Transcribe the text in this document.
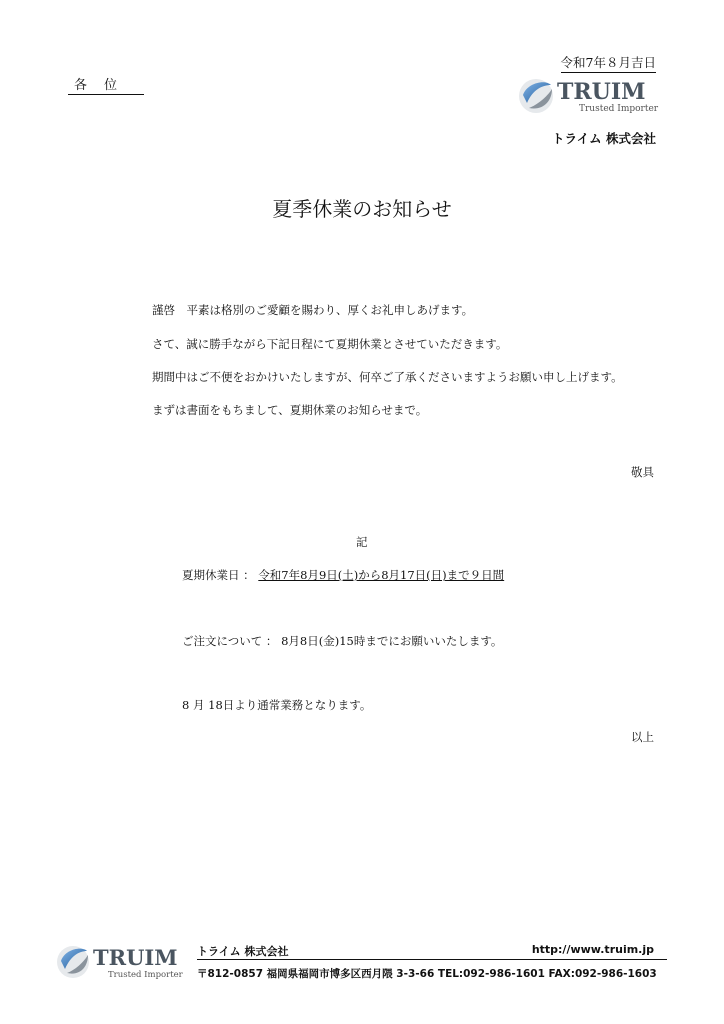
各　位
令和7年８月吉日
TRUIM
Trusted Importer
トライム 株式会社
夏季休業のお知らせ
謹啓　平素は格別のご愛顧を賜わり、厚くお礼申しあげます。
さて、誠に勝手ながら下記日程にて夏期休業とさせていただきます。
期間中はご不便をおかけいたしますが、何卒ご了承くださいますようお願い申し上げます。
まずは書面をもちまして、夏期休業のお知らせまで。
敬具
記
夏期休業日 ： 令和7年8月9日(土)から8月17日(日)まで９日間
ご注文について ： 8月8日(金)15時までにお願いいたします。
8 月 18日より通常業務となります。
以上
TRUIM
Trusted Importer
トライム 株式会社	http://www.truim.jp
〒812-0857 福岡県福岡市博多区西月隈 3-3-66 TEL:092-986-1601 FAX:092-986-1603
